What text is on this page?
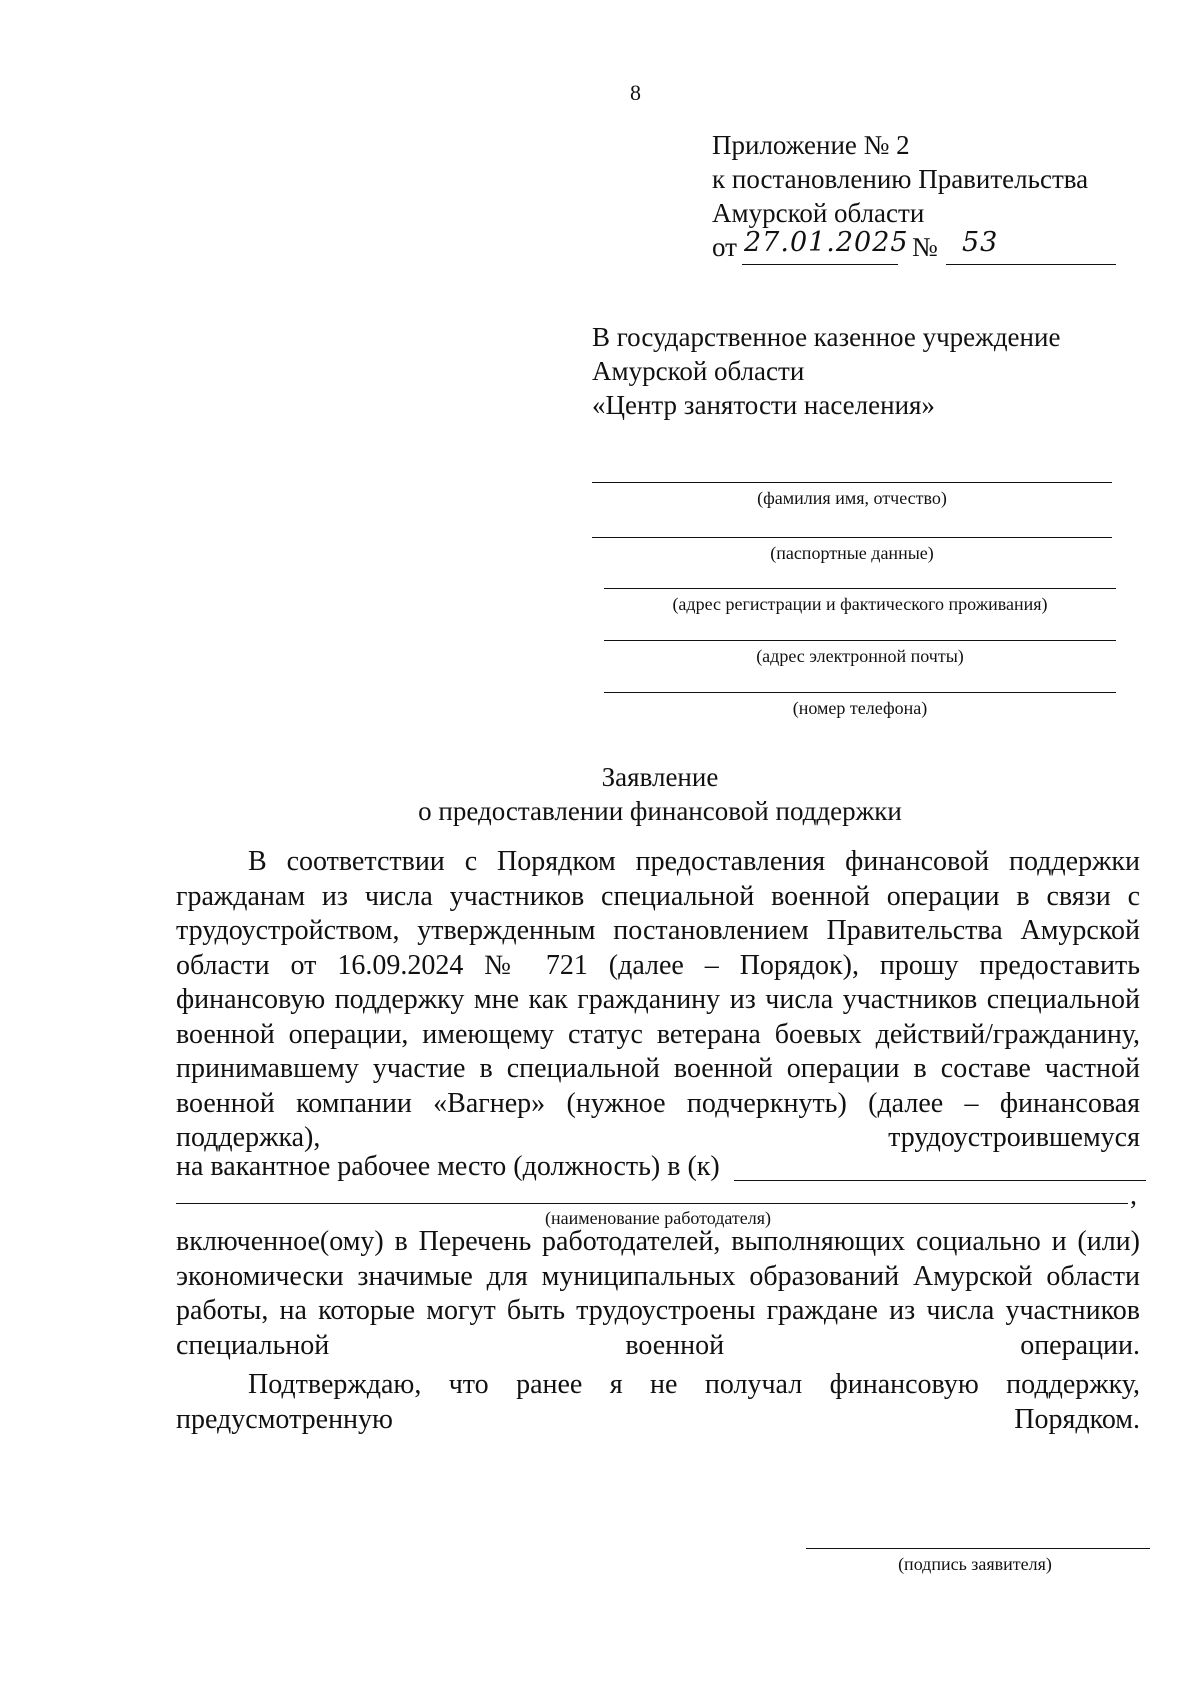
8
Приложение № 2
к постановлению Правительства
Амурской области
от 27.01.2025 № 53
В государственное казенное учреждение
Амурской области
«Центр занятости населения»
(фамилия имя, отчество)
(паспортные данные)
(адрес регистрации и фактического проживания)
(адрес электронной почты)
(номер телефона)
Заявление
о предоставлении финансовой поддержки

В соответствии с Порядком предоставления финансовой поддержки гражданам из числа участников специальной военной операции в связи с трудоустройством, утвержденным постановлением Правительства Амурской области от 16.09.2024 № 721 (далее – Порядок), прошу предоставить финансовую поддержку мне как гражданину из числа участников специальной военной операции, имеющему статус ветерана боевых действий/гражданину, принимавшему участие в специальной военной операции в составе частной военной компании «Вагнер» (нужное подчеркнуть) (далее – финансовая поддержка), трудоустроившемуся

на вакантное рабочее место (должность) в (к)
,
(наименование работодателя)

включенное(ому) в Перечень работодателей, выполняющих социально и (или) экономически значимые для муниципальных образований Амурской области работы, на которые могут быть трудоустроены граждане из числа участников специальной военной операции.

Подтверждаю, что ранее я не получал финансовую поддержку, предусмотренную Порядком.

(подпись заявителя)
